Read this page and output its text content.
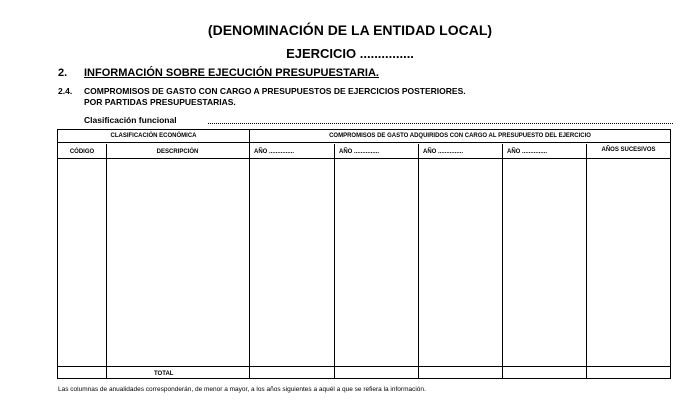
(DENOMINACIÓN DE LA ENTIDAD LOCAL)
EJERCICIO ...............
2. INFORMACIÓN SOBRE EJECUCIÓN PRESUPUESTARIA.
2.4. COMPROMISOS DE GASTO CON CARGO A PRESUPUESTOS DE EJERCICIOS POSTERIORES.
POR PARTIDAS PRESUPUESTARIAS.
Clasificación funcional
CLASIFICACIÓN ECONÓMICA	COMPROMISOS DE GASTO ADQUIRIDOS CON CARGO AL PRESUPUESTO DEL EJERCICIO
CÓDIGO	DESCRIPCIÓN	AÑO ...............	AÑO ...............	AÑO ...............	AÑO ...............	AÑOS SUCESIVOS
TOTAL
Las columnas de anualidades corresponderán, de menor a mayor, a los años siguientes a aquél a que se refiera la información.
